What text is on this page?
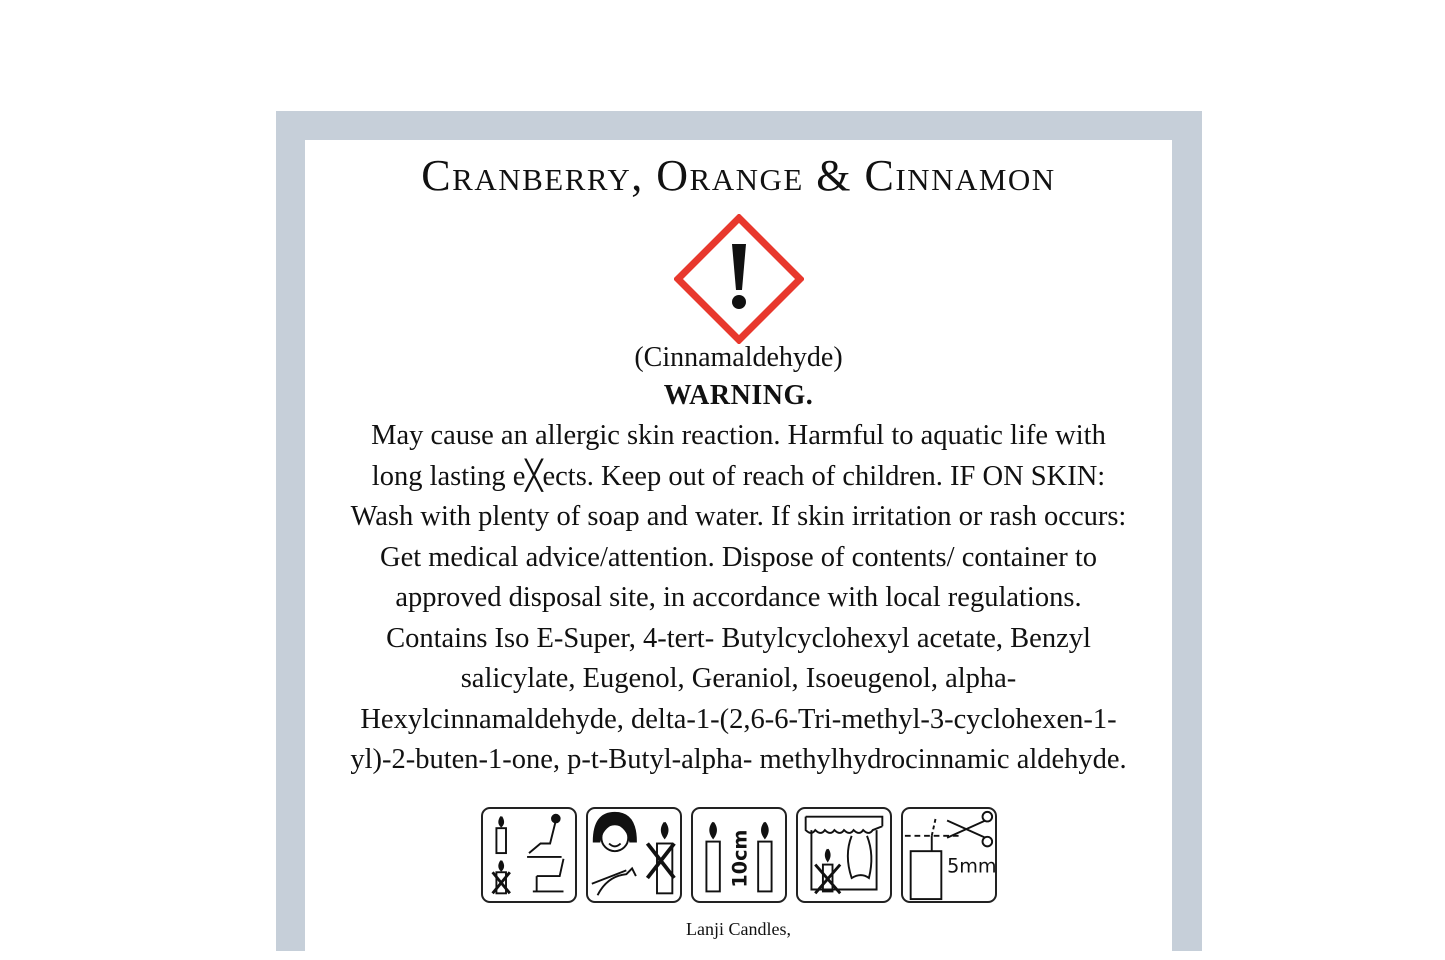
Cranberry, Orange & Cinnamon
(Cinnamaldehyde)
WARNING.
May cause an allergic skin reaction. Harmful to aquatic life with
long lasting e╳ects. Keep out of reach of children. IF ON SKIN:
Wash with plenty of soap and water. If skin irritation or rash occurs:
Get medical advice/attention. Dispose of contents/ container to
approved disposal site, in accordance with local regulations.
Contains Iso E-Super, 4-tert- Butylcyclohexyl acetate, Benzyl
salicylate, Eugenol, Geraniol, Isoeugenol, alpha-
Hexylcinnamaldehyde, delta-1-(2,6-6-Tri-methyl-3-cyclohexen-1-
yl)-2-buten-1-one, p-t-Butyl-alpha- methylhydrocinnamic aldehyde.
10cm	5mm
Lanji Candles,
